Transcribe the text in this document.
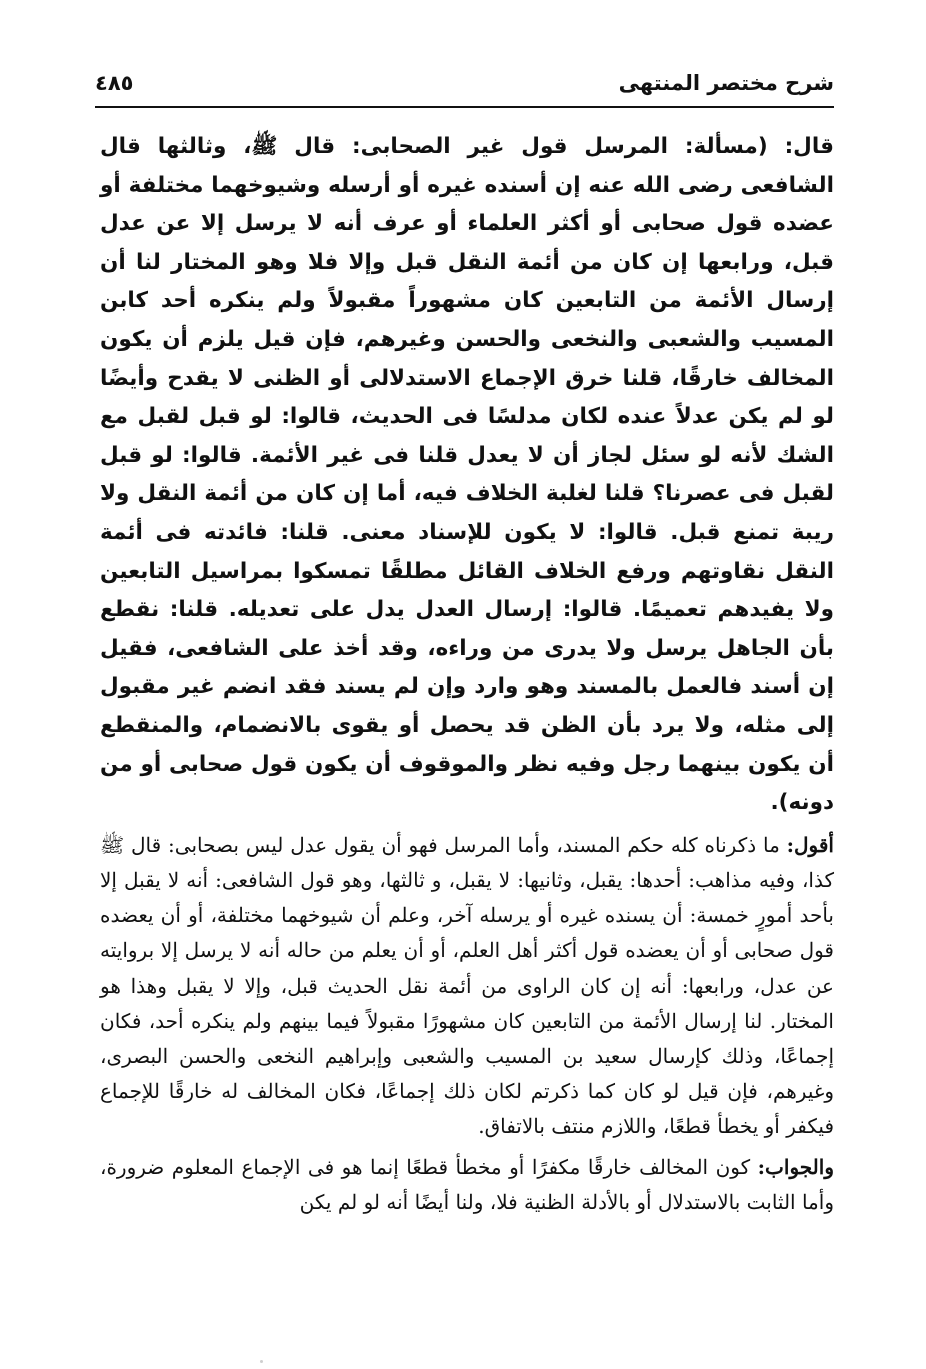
شرح مختصر المنتهى
٤٨٥

قال: (مسألة: المرسل قول غير الصحابى: قال ﷺ، وثالثها قال الشافعى رضى الله عنه إن أسنده غيره أو أرسله وشيوخهما مختلفة أو عضده قول صحابى أو أكثر العلماء أو عرف أنه لا يرسل إلا عن عدل قبل، ورابعها إن كان من أئمة النقل قبل وإلا فلا وهو المختار لنا أن إرسال الأئمة من التابعين كان مشهوراً مقبولاً ولم ينكره أحد كابن المسيب والشعبى والنخعى والحسن وغيرهم، فإن قيل يلزم أن يكون المخالف خارقًا، قلنا خرق الإجماع الاستدلالى أو الظنى لا يقدح وأيضًا لو لم يكن عدلاً عنده لكان مدلسًا فى الحديث، قالوا: لو قبل لقبل مع الشك لأنه لو سئل لجاز أن لا يعدل قلنا فى غير الأئمة. قالوا: لو قبل لقبل فى عصرنا؟ قلنا لغلبة الخلاف فيه، أما إن كان من أئمة النقل ولا ريبة تمنع قبل. قالوا: لا يكون للإسناد معنى. قلنا: فائدته فى أئمة النقل نقاوتهم ورفع الخلاف القائل مطلقًا تمسكوا بمراسيل التابعين ولا يفيدهم تعميمًا. قالوا: إرسال العدل يدل على تعديله. قلنا: نقطع بأن الجاهل يرسل ولا يدرى من وراءه، وقد أخذ على الشافعى، فقيل إن أسند فالعمل بالمسند وهو وارد وإن لم يسند فقد انضم غير مقبول إلى مثله، ولا يرد بأن الظن قد يحصل أو يقوى بالانضمام، والمنقطع أن يكون بينهما رجل وفيه نظر والموقوف أن يكون قول صحابى أو من دونه).

أقول: ما ذكرناه كله حكم المسند، وأما المرسل فهو أن يقول عدل ليس بصحابى: قال ﷺ كذا، وفيه مذاهب: أحدها: يقبل، وثانيها: لا يقبل، و ثالثها، وهو قول الشافعى: أنه لا يقبل إلا بأحد أمورٍ خمسة: أن يسنده غيره أو يرسله آخر، وعلم أن شيوخهما مختلفة، أو أن يعضده قول صحابى أو أن يعضده قول أكثر أهل العلم، أو أن يعلم من حاله أنه لا يرسل إلا بروايته عن عدل، ورابعها: أنه إن كان الراوى من أئمة نقل الحديث قبل، وإلا لا يقبل وهذا هو المختار. لنا إرسال الأئمة من التابعين كان مشهورًا مقبولاً فيما بينهم ولم ينكره أحد، فكان إجماعًا، وذلك كإرسال سعيد بن المسيب والشعبى وإبراهيم النخعى والحسن البصرى، وغيرهم، فإن قيل لو كان كما ذكرتم لكان ذلك إجماعًا، فكان المخالف له خارقًا للإجماع فيكفر أو يخطأ قطعًا، واللازم منتف بالاتفاق.

والجواب: كون المخالف خارقًا مكفرًا أو مخطأ قطعًا إنما هو فى الإجماع المعلوم ضرورة، وأما الثابت بالاستدلال أو بالأدلة الظنية فلا، ولنا أيضًا أنه لو لم يكن
